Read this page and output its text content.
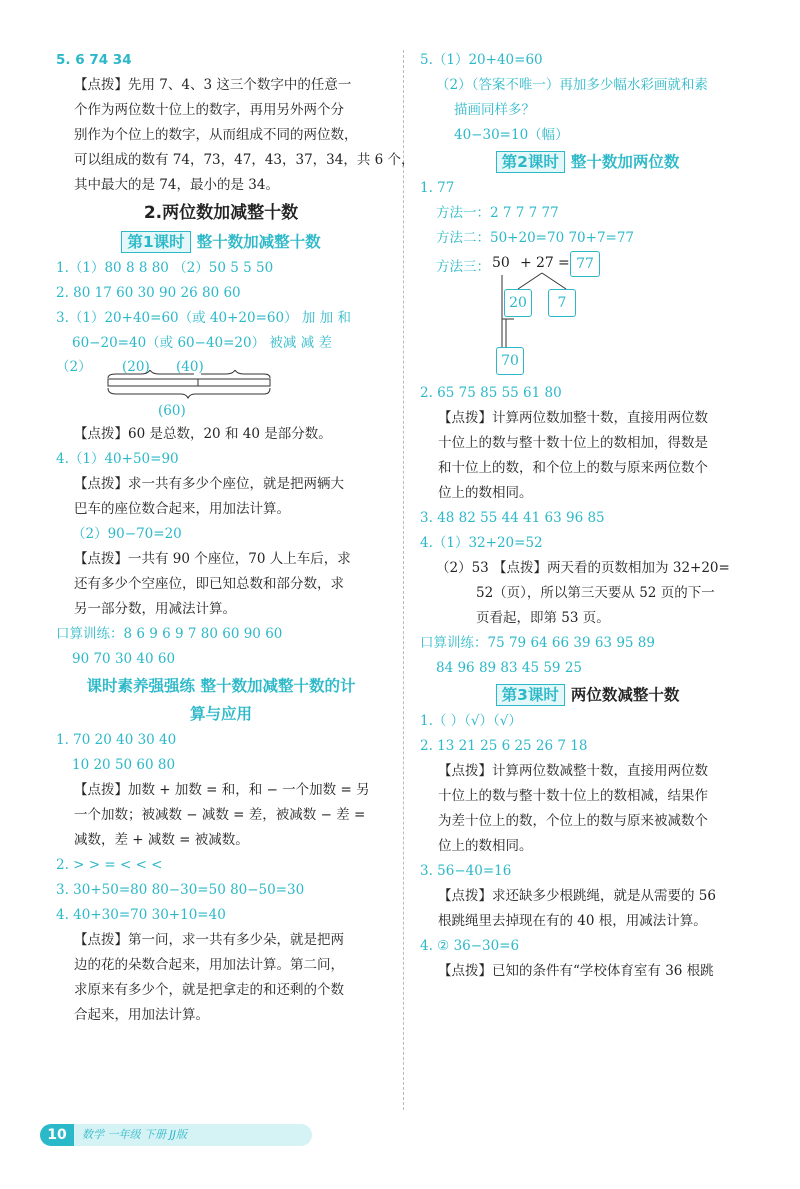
5. 6 74 34
【点拨】先用 7、4、3 这三个数字中的任意一
个作为两位数十位上的数字，再用另外两个分
别作为个位上的数字，从而组成不同的两位数，
可以组成的数有 74，73，47，43，37，34，共 6 个，
其中最大的是 74，最小的是 34。
2.两位数加减整十数
第1课时 整十数加减整十数
1.（1）80 8 8 80 （2）50 5 5 50
2. 80 17 60 30 90 26 80 60
3.（1）20+40=60（或 40+20=60） 加 加 和
60−20=40（或 60−40=20） 被减 减 差
（2） (20) (40)
(60)
【点拨】60 是总数，20 和 40 是部分数。
4.（1）40+50=90
【点拨】求一共有多少个座位，就是把两辆大
巴车的座位数合起来，用加法计算。
（2）90−70=20
【点拨】一共有 90 个座位，70 人上车后，求
还有多少个空座位，即已知总数和部分数，求
另一部分数，用减法计算。
口算训练：8 6 9 6 9 7 80 60 90 60
90 70 30 40 60
课时素养强强练 整十数加减整十数的计
算与应用
1. 70 20 40 30 40
10 20 50 60 80
【点拨】加数 + 加数 = 和，和 − 一个加数 = 另
一个加数；被减数 − 减数 = 差，被减数 − 差 =
减数，差 + 减数 = 被减数。
2. > > = < < <
3. 30+50=80 80−30=50 80−50=30
4. 40+30=70 30+10=40
【点拨】第一问，求一共有多少朵，就是把两
边的花的朵数合起来，用加法计算。第二问，
求原来有多少个，就是把拿走的和还剩的个数
合起来，用加法计算。
5.（1）20+40=60
（2）（答案不唯一）再加多少幅水彩画就和素
描画同样多？
40−30=10（幅）
第2课时 整十数加两位数
1. 77
方法一：2 7 7 7 77
方法二：50+20=70 70+7=77
方法三： 50 + 27 = 77
20	7
70
2. 65 75 85 55 61 80
【点拨】计算两位数加整十数，直接用两位数
十位上的数与整十数十位上的数相加，得数是
和十位上的数，和个位上的数与原来两位数个
位上的数相同。
3. 48 82 55 44 41 63 96 85
4.（1）32+20=52
（2）53 【点拨】两天看的页数相加为 32+20=
52（页），所以第三天要从 52 页的下一
页看起，即第 53 页。
口算训练：75 79 64 66 39 63 95 89
84 96 89 83 45 59 25
第3课时 两位数减整十数
1.（ ）（√）（√）
2. 13 21 25 6 25 26 7 18
【点拨】计算两位数减整十数，直接用两位数
十位上的数与整十数十位上的数相减，结果作
为差十位上的数，个位上的数与原来被减数个
位上的数相同。
3. 56−40=16
【点拨】求还缺多少根跳绳，就是从需要的 56
根跳绳里去掉现在有的 40 根，用减法计算。
4. ② 36−30=6
【点拨】已知的条件有“学校体育室有 36 根跳
10	数学 一年级 下册 JJ版
